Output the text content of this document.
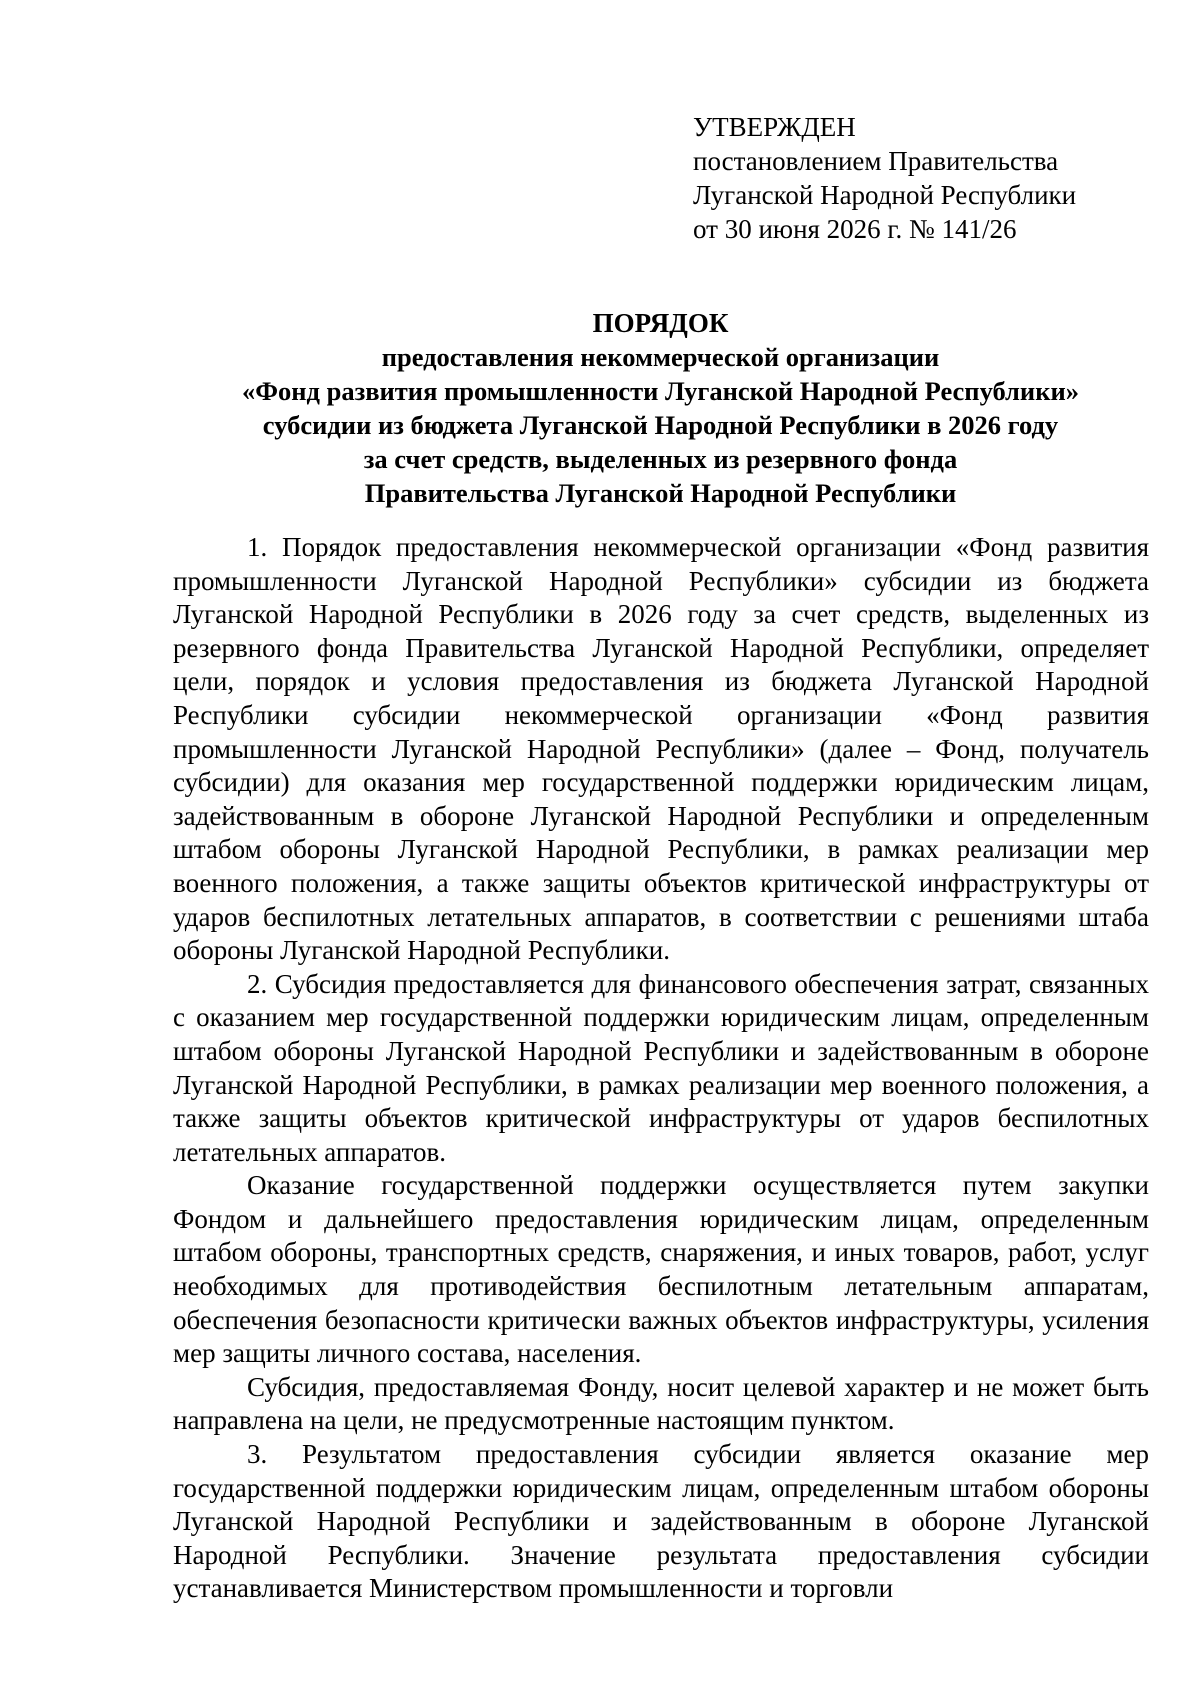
УТВЕРЖДЕН
постановлением Правительства
Луганской Народной Республики
от 30 июня 2026 г. № 141/26
ПОРЯДОК
предоставления некоммерческой организации
«Фонд развития промышленности Луганской Народной Республики»
субсидии из бюджета Луганской Народной Республики в 2026 году
за счет средств, выделенных из резервного фонда
Правительства Луганской Народной Республики

1. Порядок предоставления некоммерческой организации «Фонд развития промышленности Луганской Народной Республики» субсидии из бюджета Луганской Народной Республики в 2026 году за счет средств, выделенных из резервного фонда Правительства Луганской Народной Республики, определяет цели, порядок и условия предоставления из бюджета Луганской Народной Республики субсидии некоммерческой организации «Фонд развития промышленности Луганской Народной Республики» (далее – Фонд, получатель субсидии) для оказания мер государственной поддержки юридическим лицам, задействованным в обороне Луганской Народной Республики и определенным штабом обороны Луганской Народной Республики, в рамках реализации мер военного положения, а также защиты объектов критической инфраструктуры от ударов беспилотных летательных аппаратов, в соответствии с решениями штаба обороны Луганской Народной Республики.

2. Субсидия предоставляется для финансового обеспечения затрат, связанных с оказанием мер государственной поддержки юридическим лицам, определенным штабом обороны Луганской Народной Республики и задействованным в обороне Луганской Народной Республики, в рамках реализации мер военного положения, а также защиты объектов критической инфраструктуры от ударов беспилотных летательных аппаратов.

Оказание государственной поддержки осуществляется путем закупки Фондом и дальнейшего предоставления юридическим лицам, определенным штабом обороны, транспортных средств, снаряжения, и иных товаров, работ, услуг необходимых для противодействия беспилотным летательным аппаратам, обеспечения безопасности критически важных объектов инфраструктуры, усиления мер защиты личного состава, населения.

Субсидия, предоставляемая Фонду, носит целевой характер и не может быть направлена на цели, не предусмотренные настоящим пунктом.

3. Результатом предоставления субсидии является оказание мер государственной поддержки юридическим лицам, определенным штабом обороны Луганской Народной Республики и задействованным в обороне Луганской Народной Республики. Значение результата предоставления субсидии устанавливается Министерством промышленности и торговли
